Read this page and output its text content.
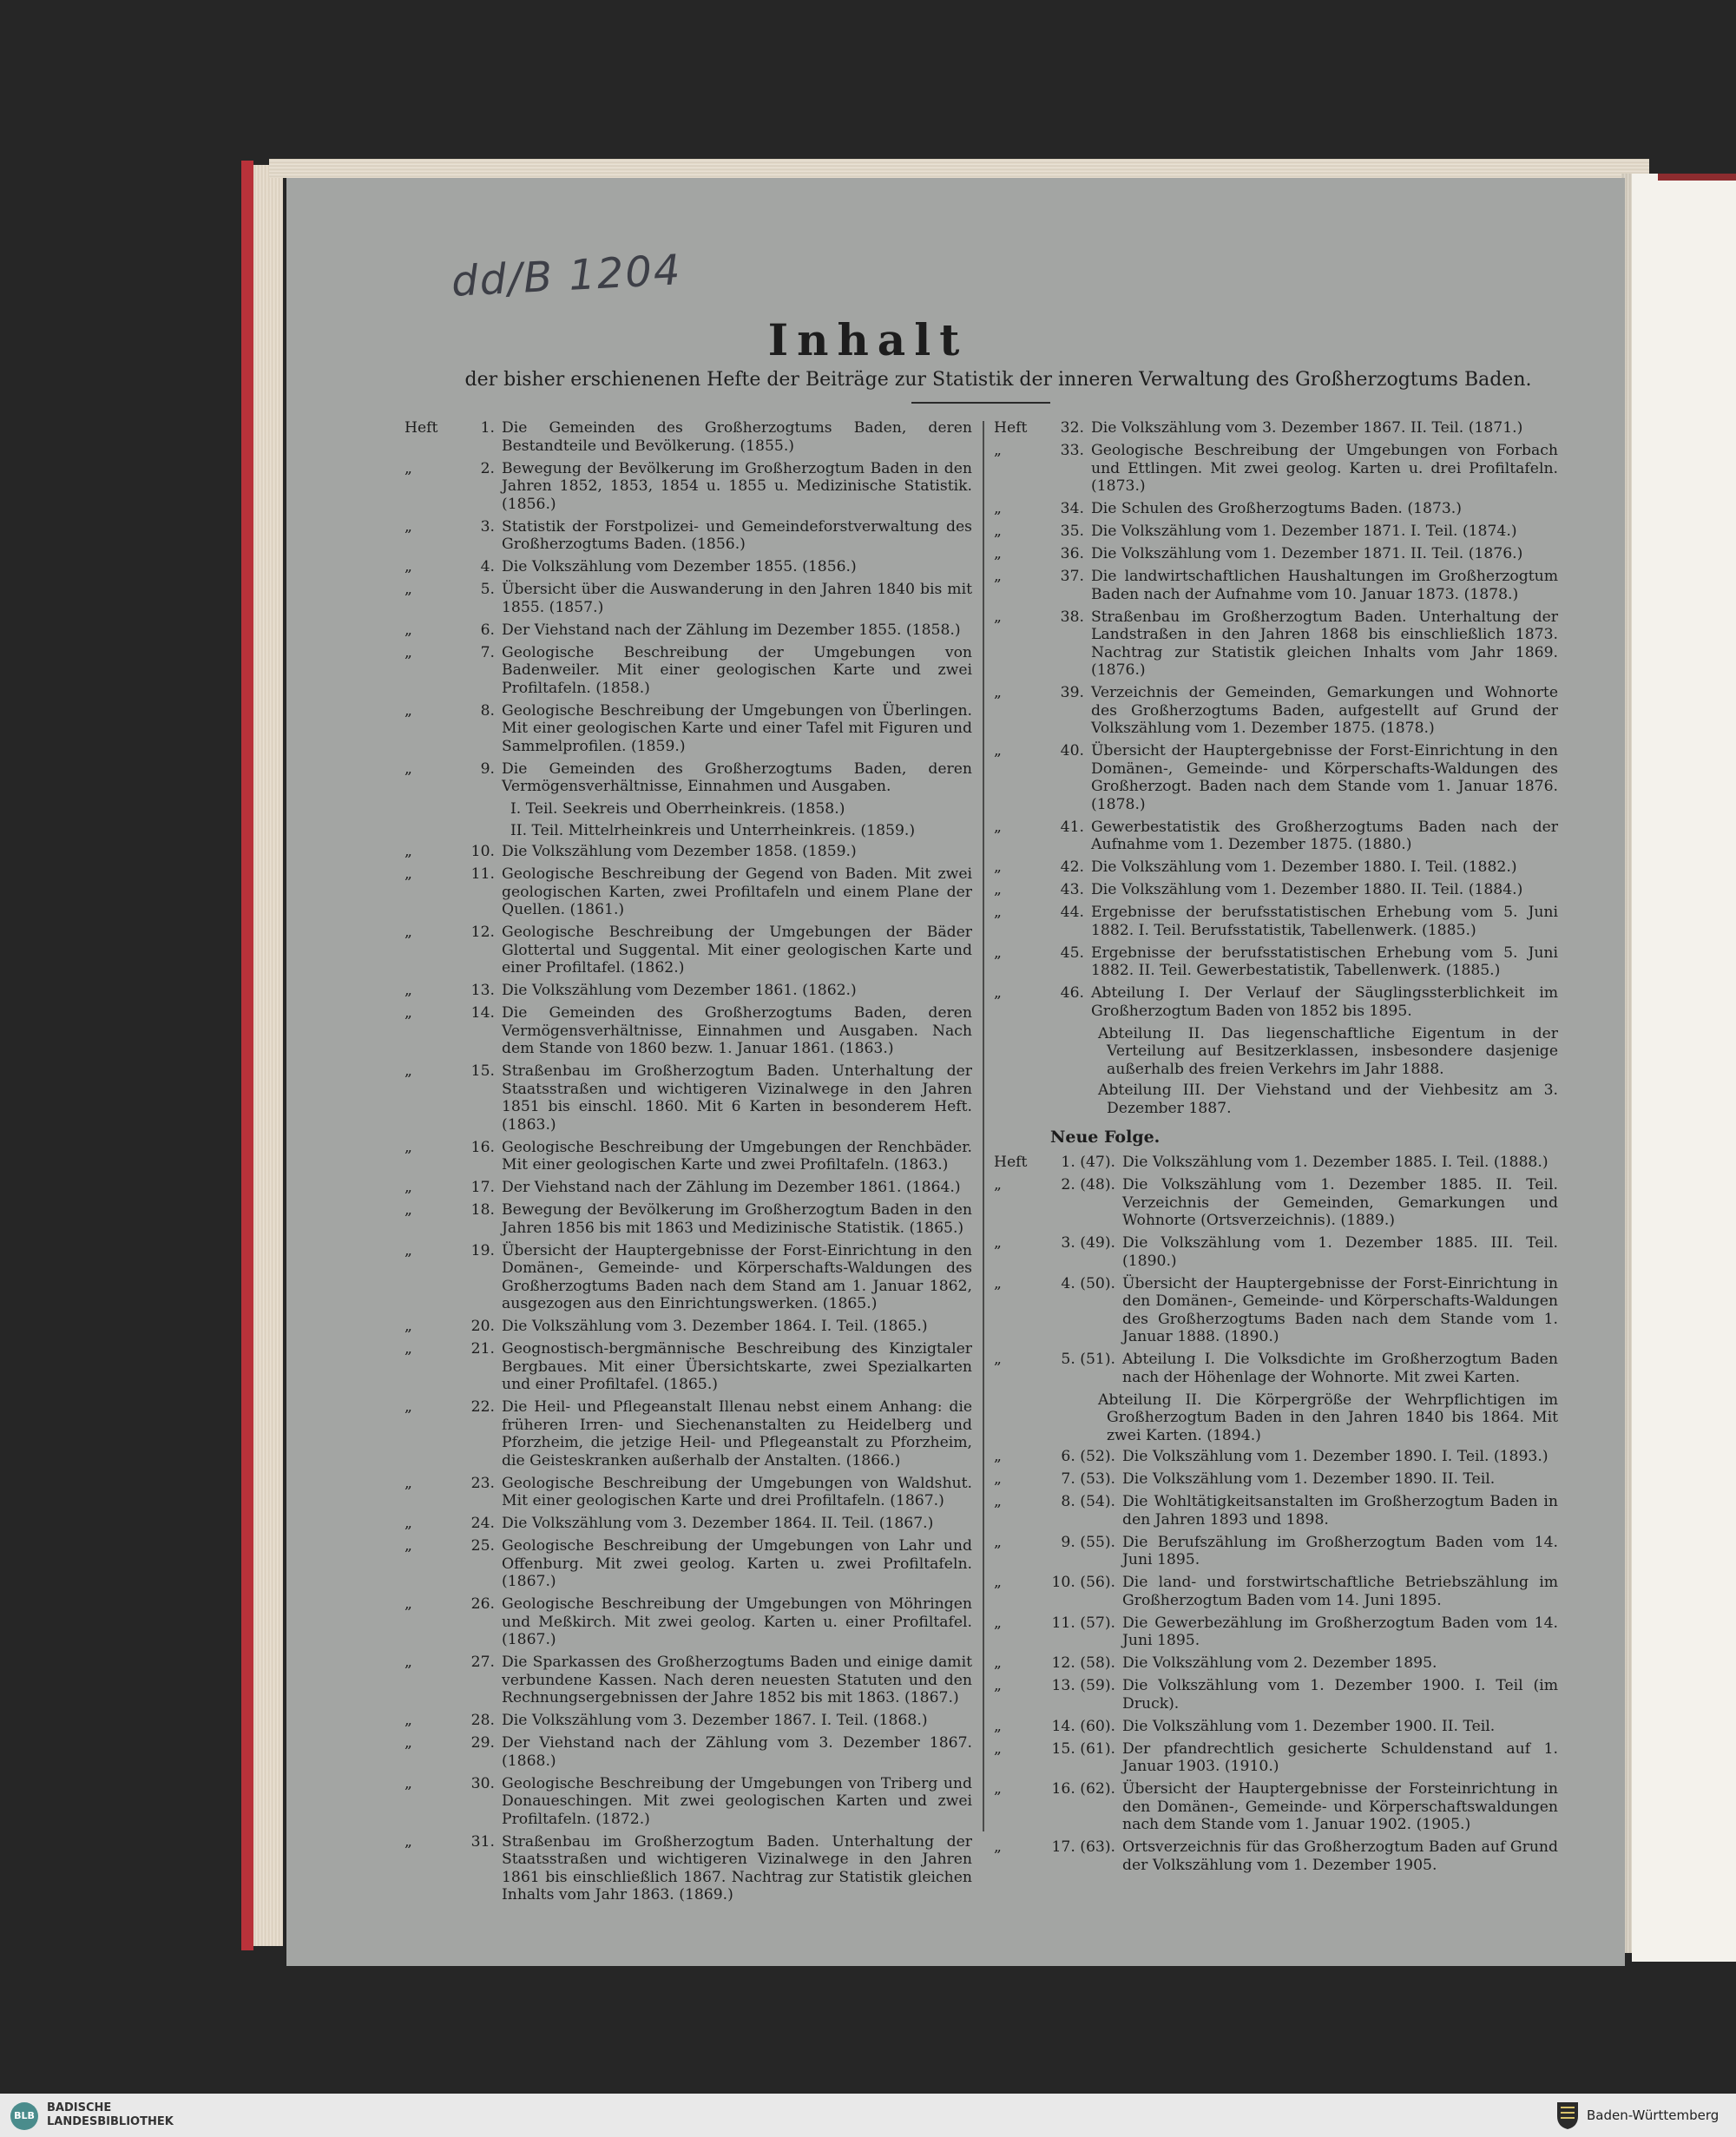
dd/B 1204
Inhalt
der bisher erschienenen Hefte der Beiträge zur Statistik der inneren Verwaltung des Großherzogtums Baden.
Heft	1. Die Gemeinden des Großherzogtums Baden, deren Bestandteile und Bevölkerung. (1855.)
„	2. Bewegung der Bevölkerung im Großherzogtum Baden in den Jahren 1852, 1853, 1854 u. 1855 u. Medizinische Statistik. (1856.)
„	3. Statistik der Forstpolizei- und Gemeindeforstverwaltung des Großherzogtums Baden. (1856.)
„	4. Die Volkszählung vom Dezember 1855. (1856.)
„	5. Übersicht über die Auswanderung in den Jahren 1840 bis mit 1855. (1857.)
„	6. Der Viehstand nach der Zählung im Dezember 1855. (1858.)
„	7. Geologische Beschreibung der Umgebungen von Badenweiler. Mit einer geologischen Karte und zwei Profiltafeln. (1858.)
„	8. Geologische Beschreibung der Umgebungen von Überlingen. Mit einer geologischen Karte und einer Tafel mit Figuren und Sammelprofilen. (1859.)
„	9. Die Gemeinden des Großherzogtums Baden, deren Vermögensverhältnisse, Einnahmen und Ausgaben.
I. Teil. Seekreis und Oberrheinkreis. (1858.)
II. Teil. Mittelrheinkreis und Unterrheinkreis. (1859.)
„	10. Die Volkszählung vom Dezember 1858. (1859.)
„	11. Geologische Beschreibung der Gegend von Baden. Mit zwei geologischen Karten, zwei Profiltafeln und einem Plane der Quellen. (1861.)
„	12. Geologische Beschreibung der Umgebungen der Bäder Glottertal und Suggental. Mit einer geologischen Karte und einer Profiltafel. (1862.)
„	13. Die Volkszählung vom Dezember 1861. (1862.)
„	14. Die Gemeinden des Großherzogtums Baden, deren Vermögensverhältnisse, Einnahmen und Ausgaben. Nach dem Stande von 1860 bezw. 1. Januar 1861. (1863.)
„	15. Straßenbau im Großherzogtum Baden. Unterhaltung der Staatsstraßen und wichtigeren Vizinalwege in den Jahren 1851 bis einschl. 1860. Mit 6 Karten in besonderem Heft. (1863.)
„	16. Geologische Beschreibung der Umgebungen der Renchbäder. Mit einer geologischen Karte und zwei Profiltafeln. (1863.)
„	17. Der Viehstand nach der Zählung im Dezember 1861. (1864.)
„	18. Bewegung der Bevölkerung im Großherzogtum Baden in den Jahren 1856 bis mit 1863 und Medizinische Statistik. (1865.)
„	19. Übersicht der Hauptergebnisse der Forst-Einrichtung in den Domänen-, Gemeinde- und Körperschafts-Waldungen des Großherzogtums Baden nach dem Stand am 1. Januar 1862, ausgezogen aus den Einrichtungswerken. (1865.)
„	20. Die Volkszählung vom 3. Dezember 1864. I. Teil. (1865.)
„	21. Geognostisch-bergmännische Beschreibung des Kinzigtaler Bergbaues. Mit einer Übersichtskarte, zwei Spezialkarten und einer Profiltafel. (1865.)
„	22. Die Heil- und Pflegeanstalt Illenau nebst einem Anhang: die früheren Irren- und Siechenanstalten zu Heidelberg und Pforzheim, die jetzige Heil- und Pflegeanstalt zu Pforzheim, die Geisteskranken außerhalb der Anstalten. (1866.)
„	23. Geologische Beschreibung der Umgebungen von Waldshut. Mit einer geologischen Karte und drei Profiltafeln. (1867.)
„	24. Die Volkszählung vom 3. Dezember 1864. II. Teil. (1867.)
„	25. Geologische Beschreibung der Umgebungen von Lahr und Offenburg. Mit zwei geolog. Karten u. zwei Profiltafeln. (1867.)
„	26. Geologische Beschreibung der Umgebungen von Möhringen und Meßkirch. Mit zwei geolog. Karten u. einer Profiltafel. (1867.)
„	27. Die Sparkassen des Großherzogtums Baden und einige damit verbundene Kassen. Nach deren neuesten Statuten und den Rechnungsergebnissen der Jahre 1852 bis mit 1863. (1867.)
„	28. Die Volkszählung vom 3. Dezember 1867. I. Teil. (1868.)
„	29. Der Viehstand nach der Zählung vom 3. Dezember 1867. (1868.)
„	30. Geologische Beschreibung der Umgebungen von Triberg und Donaueschingen. Mit zwei geologischen Karten und zwei Profiltafeln. (1872.)
„	31. Straßenbau im Großherzogtum Baden. Unterhaltung der Staatsstraßen und wichtigeren Vizinalwege in den Jahren 1861 bis einschließlich 1867. Nachtrag zur Statistik gleichen Inhalts vom Jahr 1863. (1869.)
Heft	32. Die Volkszählung vom 3. Dezember 1867. II. Teil. (1871.)
„	33. Geologische Beschreibung der Umgebungen von Forbach und Ettlingen. Mit zwei geolog. Karten u. drei Profiltafeln. (1873.)
„	34. Die Schulen des Großherzogtums Baden. (1873.)
„	35. Die Volkszählung vom 1. Dezember 1871. I. Teil. (1874.)
„	36. Die Volkszählung vom 1. Dezember 1871. II. Teil. (1876.)
„	37. Die landwirtschaftlichen Haushaltungen im Großherzogtum Baden nach der Aufnahme vom 10. Januar 1873. (1878.)
„	38. Straßenbau im Großherzogtum Baden. Unterhaltung der Landstraßen in den Jahren 1868 bis einschließlich 1873. Nachtrag zur Statistik gleichen Inhalts vom Jahr 1869. (1876.)
„	39. Verzeichnis der Gemeinden, Gemarkungen und Wohnorte des Großherzogtums Baden, aufgestellt auf Grund der Volkszählung vom 1. Dezember 1875. (1878.)
„	40. Übersicht der Hauptergebnisse der Forst-Einrichtung in den Domänen-, Gemeinde- und Körperschafts-Waldungen des Großherzogt. Baden nach dem Stande vom 1. Januar 1876. (1878.)
„	41. Gewerbestatistik des Großherzogtums Baden nach der Aufnahme vom 1. Dezember 1875. (1880.)
„	42. Die Volkszählung vom 1. Dezember 1880. I. Teil. (1882.)
„	43. Die Volkszählung vom 1. Dezember 1880. II. Teil. (1884.)
„	44. Ergebnisse der berufsstatistischen Erhebung vom 5. Juni 1882. I. Teil. Berufsstatistik, Tabellenwerk. (1885.)
„	45. Ergebnisse der berufsstatistischen Erhebung vom 5. Juni 1882. II. Teil. Gewerbestatistik, Tabellenwerk. (1885.)
„	46. Abteilung I. Der Verlauf der Säuglingssterblichkeit im Großherzogtum Baden von 1852 bis 1895.
Abteilung II. Das liegenschaftliche Eigentum in der Verteilung auf Besitzerklassen, insbesondere dasjenige außerhalb des freien Verkehrs im Jahr 1888.
Abteilung III. Der Viehstand und der Viehbesitz am 3. Dezember 1887.
Neue Folge.
Heft	1. (47). Die Volkszählung vom 1. Dezember 1885. I. Teil. (1888.)
„	2. (48). Die Volkszählung vom 1. Dezember 1885. II. Teil. Verzeichnis der Gemeinden, Gemarkungen und Wohnorte (Ortsverzeichnis). (1889.)
„	3. (49). Die Volkszählung vom 1. Dezember 1885. III. Teil. (1890.)
„	4. (50). Übersicht der Hauptergebnisse der Forst-Einrichtung in den Domänen-, Gemeinde- und Körperschafts-Waldungen des Großherzogtums Baden nach dem Stande vom 1. Januar 1888. (1890.)
„	5. (51). Abteilung I. Die Volksdichte im Großherzogtum Baden nach der Höhenlage der Wohnorte. Mit zwei Karten.
Abteilung II. Die Körpergröße der Wehrpflichtigen im Großherzogtum Baden in den Jahren 1840 bis 1864. Mit zwei Karten. (1894.)
„	6. (52). Die Volkszählung vom 1. Dezember 1890. I. Teil. (1893.)
„	7. (53). Die Volkszählung vom 1. Dezember 1890. II. Teil.
„	8. (54). Die Wohltätigkeitsanstalten im Großherzogtum Baden in den Jahren 1893 und 1898.
„	9. (55). Die Berufszählung im Großherzogtum Baden vom 14. Juni 1895.
„	10. (56). Die land- und forstwirtschaftliche Betriebszählung im Großherzogtum Baden vom 14. Juni 1895.
„	11. (57). Die Gewerbezählung im Großherzogtum Baden vom 14. Juni 1895.
„	12. (58). Die Volkszählung vom 2. Dezember 1895.
„	13. (59). Die Volkszählung vom 1. Dezember 1900. I. Teil (im Druck).
„	14. (60). Die Volkszählung vom 1. Dezember 1900. II. Teil.
„	15. (61). Der pfandrechtlich gesicherte Schuldenstand auf 1. Januar 1903. (1910.)
„	16. (62). Übersicht der Hauptergebnisse der Forsteinrichtung in den Domänen-, Gemeinde- und Körperschaftswaldungen nach dem Stande vom 1. Januar 1902. (1905.)
„	17. (63). Ortsverzeichnis für das Großherzogtum Baden auf Grund der Volkszählung vom 1. Dezember 1905.
BLB
BADISCHE
LANDESBIBLIOTHEK	Baden-Württemberg
